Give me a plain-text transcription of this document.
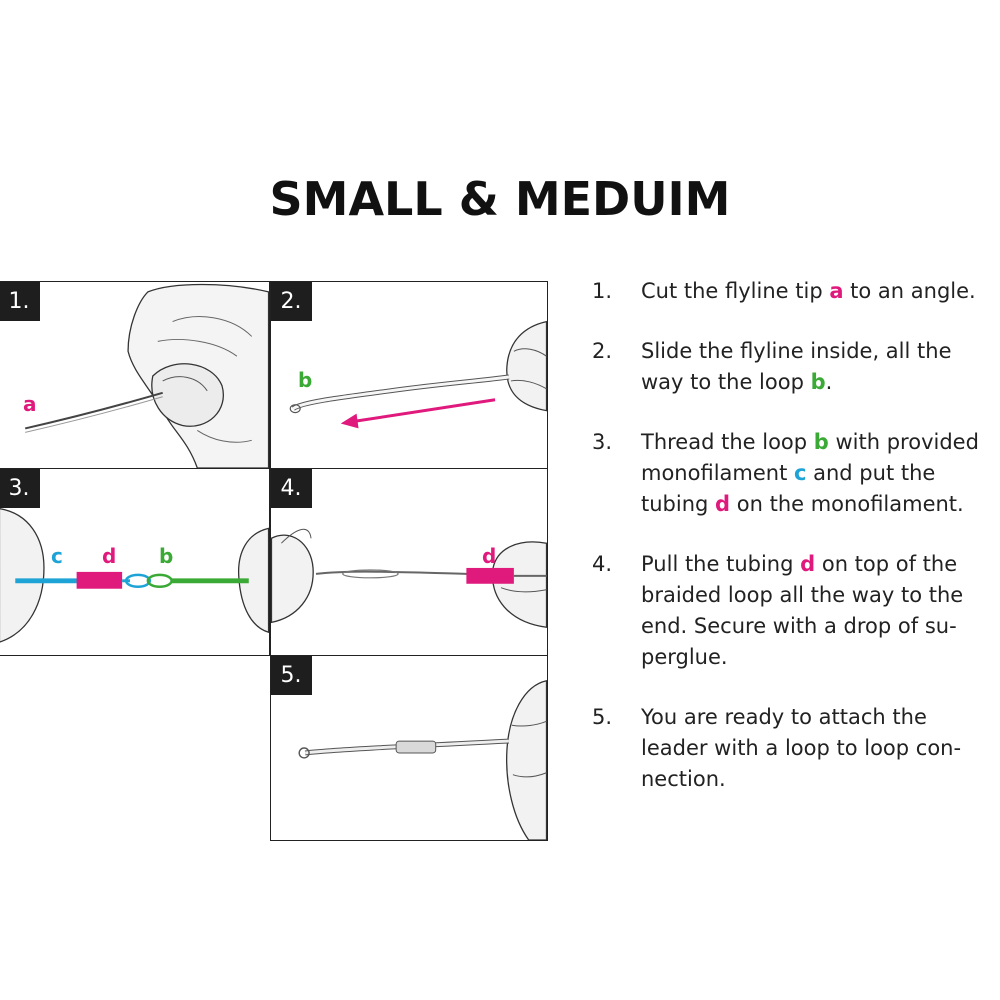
SMALL & MEDUIM
1.
a
2.
b
3.
c d b
4.
d
5.
1. Cut the flyline tip a to an angle.
2. Slide the flyline inside, all the
way to the loop b.
3. Thread the loop b with provided
monofilament c and put the
tubing d on the monofilament.
4. Pull the tubing d on top of the
braided loop all the way to the
end. Secure with a drop of su-
perglue.
5. You are ready to attach the
leader with a loop to loop con-
nection.
